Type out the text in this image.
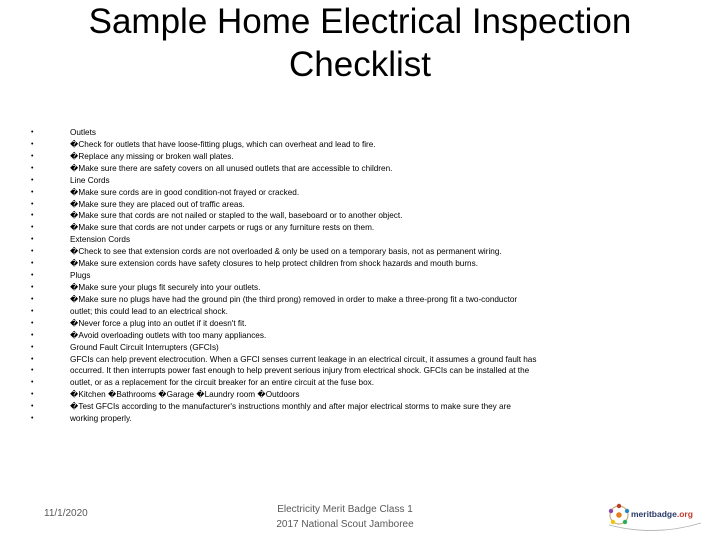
Sample Home Electrical Inspection
Checklist
•	Outlets
•	�Check for outlets that have loose-fitting plugs, which can overheat and lead to fire.
•	�Replace any missing or broken wall plates.
•	�Make sure there are safety covers on all unused outlets that are accessible to children.
•	Line Cords
•	�Make sure cords are in good condition-not frayed or cracked.
•	�Make sure they are placed out of traffic areas.
•	�Make sure that cords are not nailed or stapled to the wall, baseboard or to another object.
•	�Make sure that cords are not under carpets or rugs or any furniture rests on them.
•	Extension Cords
•	�Check to see that extension cords are not overloaded & only be used on a temporary basis, not as permanent wiring.
•	�Make sure extension cords have safety closures to help protect children from shock hazards and mouth burns.
•	Plugs
•	�Make sure your plugs fit securely into your outlets.
•	�Make sure no plugs have had the ground pin (the third prong) removed in order to make a three-prong fit a two-conductor
•	outlet; this could lead to an electrical shock.
•	�Never force a plug into an outlet if it doesn't fit.
•	�Avoid overloading outlets with too many appliances.
•	Ground Fault Circuit Interrupters (GFCIs)
•	GFCIs can help prevent electrocution. When a GFCI senses current leakage in an electrical circuit, it assumes a ground fault has
•	occurred. It then interrupts power fast enough to help prevent serious injury from electrical shock. GFCIs can be installed at the
•	outlet, or as a replacement for the circuit breaker for an entire circuit at the fuse box.
•	�Kitchen �Bathrooms �Garage �Laundry room �Outdoors
•	�Test GFCIs according to the manufacturer's instructions monthly and after major electrical storms to make sure they are
•	working properly.
11/1/2020	Electricity Merit Badge Class 1
2017 National Scout Jamboree
meritbadge.org
